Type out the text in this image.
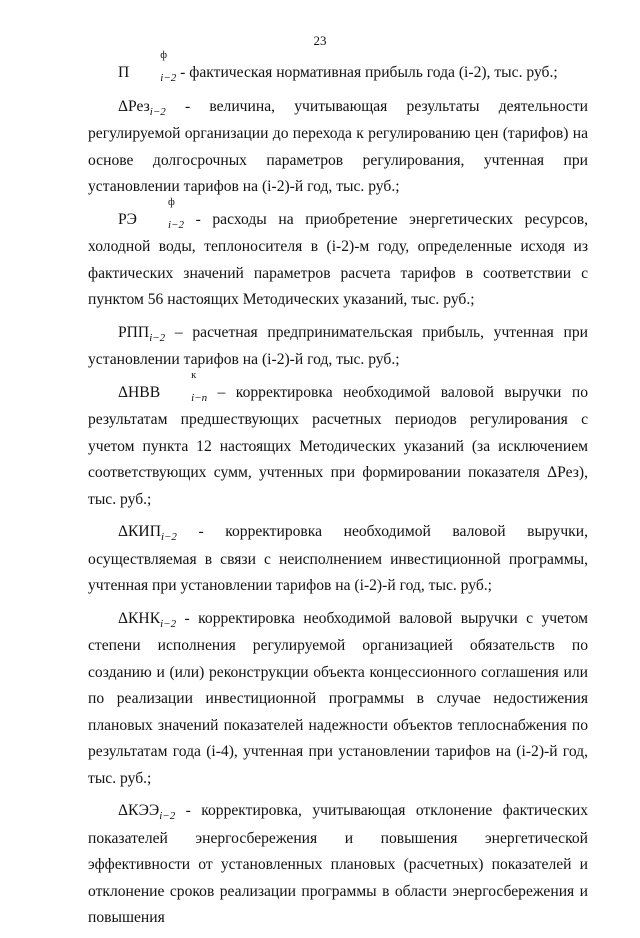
23

П
ф
$_{i-2}$ - фактическая нормативная прибыль года (i-2), тыс. руб.;

ΔРез$_{i-2}$ - величина, учитывающая результаты деятельности регулируемой организации до перехода к регулированию цен (тарифов) на основе долгосрочных параметров регулирования, учтенная при установлении тарифов на (i-2)-й год, тыс. руб.;

РЭ
ф
$_{i-2}$ - расходы на приобретение энергетических ресурсов, холодной воды, теплоносителя в (i-2)-м году, определенные исходя из фактических значений параметров расчета тарифов в соответствии с пунктом 56 настоящих Методических указаний, тыс. руб.;

$РПП_{i-2}$ – расчетная предпринимательская прибыль, учтенная при установлении тарифов на (i-2)-й год, тыс. руб.;

ΔНВВ
к
$_{i-n}$ – корректировка необходимой валовой выручки по результатам предшествующих расчетных периодов регулирования с учетом пункта 12 настоящих Методических указаний (за исключением соответствующих сумм, учтенных при формировании показателя ΔРез), тыс. руб.;

$\Delta КИП_{i-2}$ - корректировка необходимой валовой выручки, осуществляемая в связи с неисполнением инвестиционной программы, учтенная при установлении тарифов на (i-2)-й год, тыс. руб.;

$\Delta КНК_{i-2}$ - корректировка необходимой валовой выручки с учетом степени исполнения регулируемой организацией обязательств по созданию и (или) реконструкции объекта концессионного соглашения или по реализации инвестиционной программы в случае недостижения плановых значений показателей надежности объектов теплоснабжения по результатам года (i-4), учтенная при установлении тарифов на (i-2)-й год, тыс. руб.;

$\Delta КЭЭ_{i-2}$ - корректировка, учитывающая отклонение фактических показателей энергосбережения и повышения энергетической эффективности от установленных плановых (расчетных) показателей и отклонение сроков реализации программы в области энергосбережения и повышения
